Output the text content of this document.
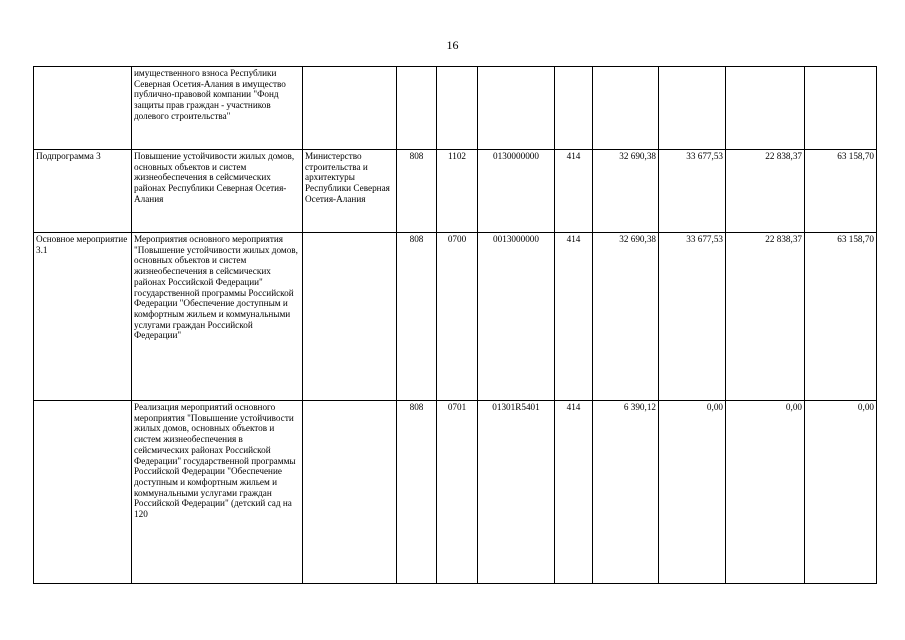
16
	имущественного взноса Республики Северная Осетия-Алания в имущество публично-правовой компании "Фонд защиты прав граждан - участников долевого строительства"									
Подпрограмма 3	Повышение устойчивости жилых домов, основных объектов и систем жизнеобеспечения в сейсмических районах Республики Северная Осетия-Алания	Министерство строительства и архитектуры Республики Северная Осетия-Алания	808	1102	0130000000	414	32 690,38	33 677,53	22 838,37	63 158,70
Основное мероприятие 3.1	Мероприятия основного мероприятия "Повышение устойчивости жилых домов, основных объектов и систем жизнеобеспечения в сейсмических районах Российской Федерации" государственной программы Российской Федерации "Обеспечение доступным и комфортным жильем и коммунальными услугами граждан Российской Федерации"		808	0700	0013000000	414	32 690,38	33 677,53	22 838,37	63 158,70
	Реализация мероприятий основного мероприятия "Повышение устойчивости жилых домов, основных объектов и систем жизнеобеспечения в сейсмических районах Российской Федерации" государственной программы Российской Федерации "Обеспечение доступным и комфортным жильем и коммунальными услугами граждан Российской Федерации" (детский сад на 120		808	0701	01301R5401	414	6 390,12	0,00	0,00	0,00
